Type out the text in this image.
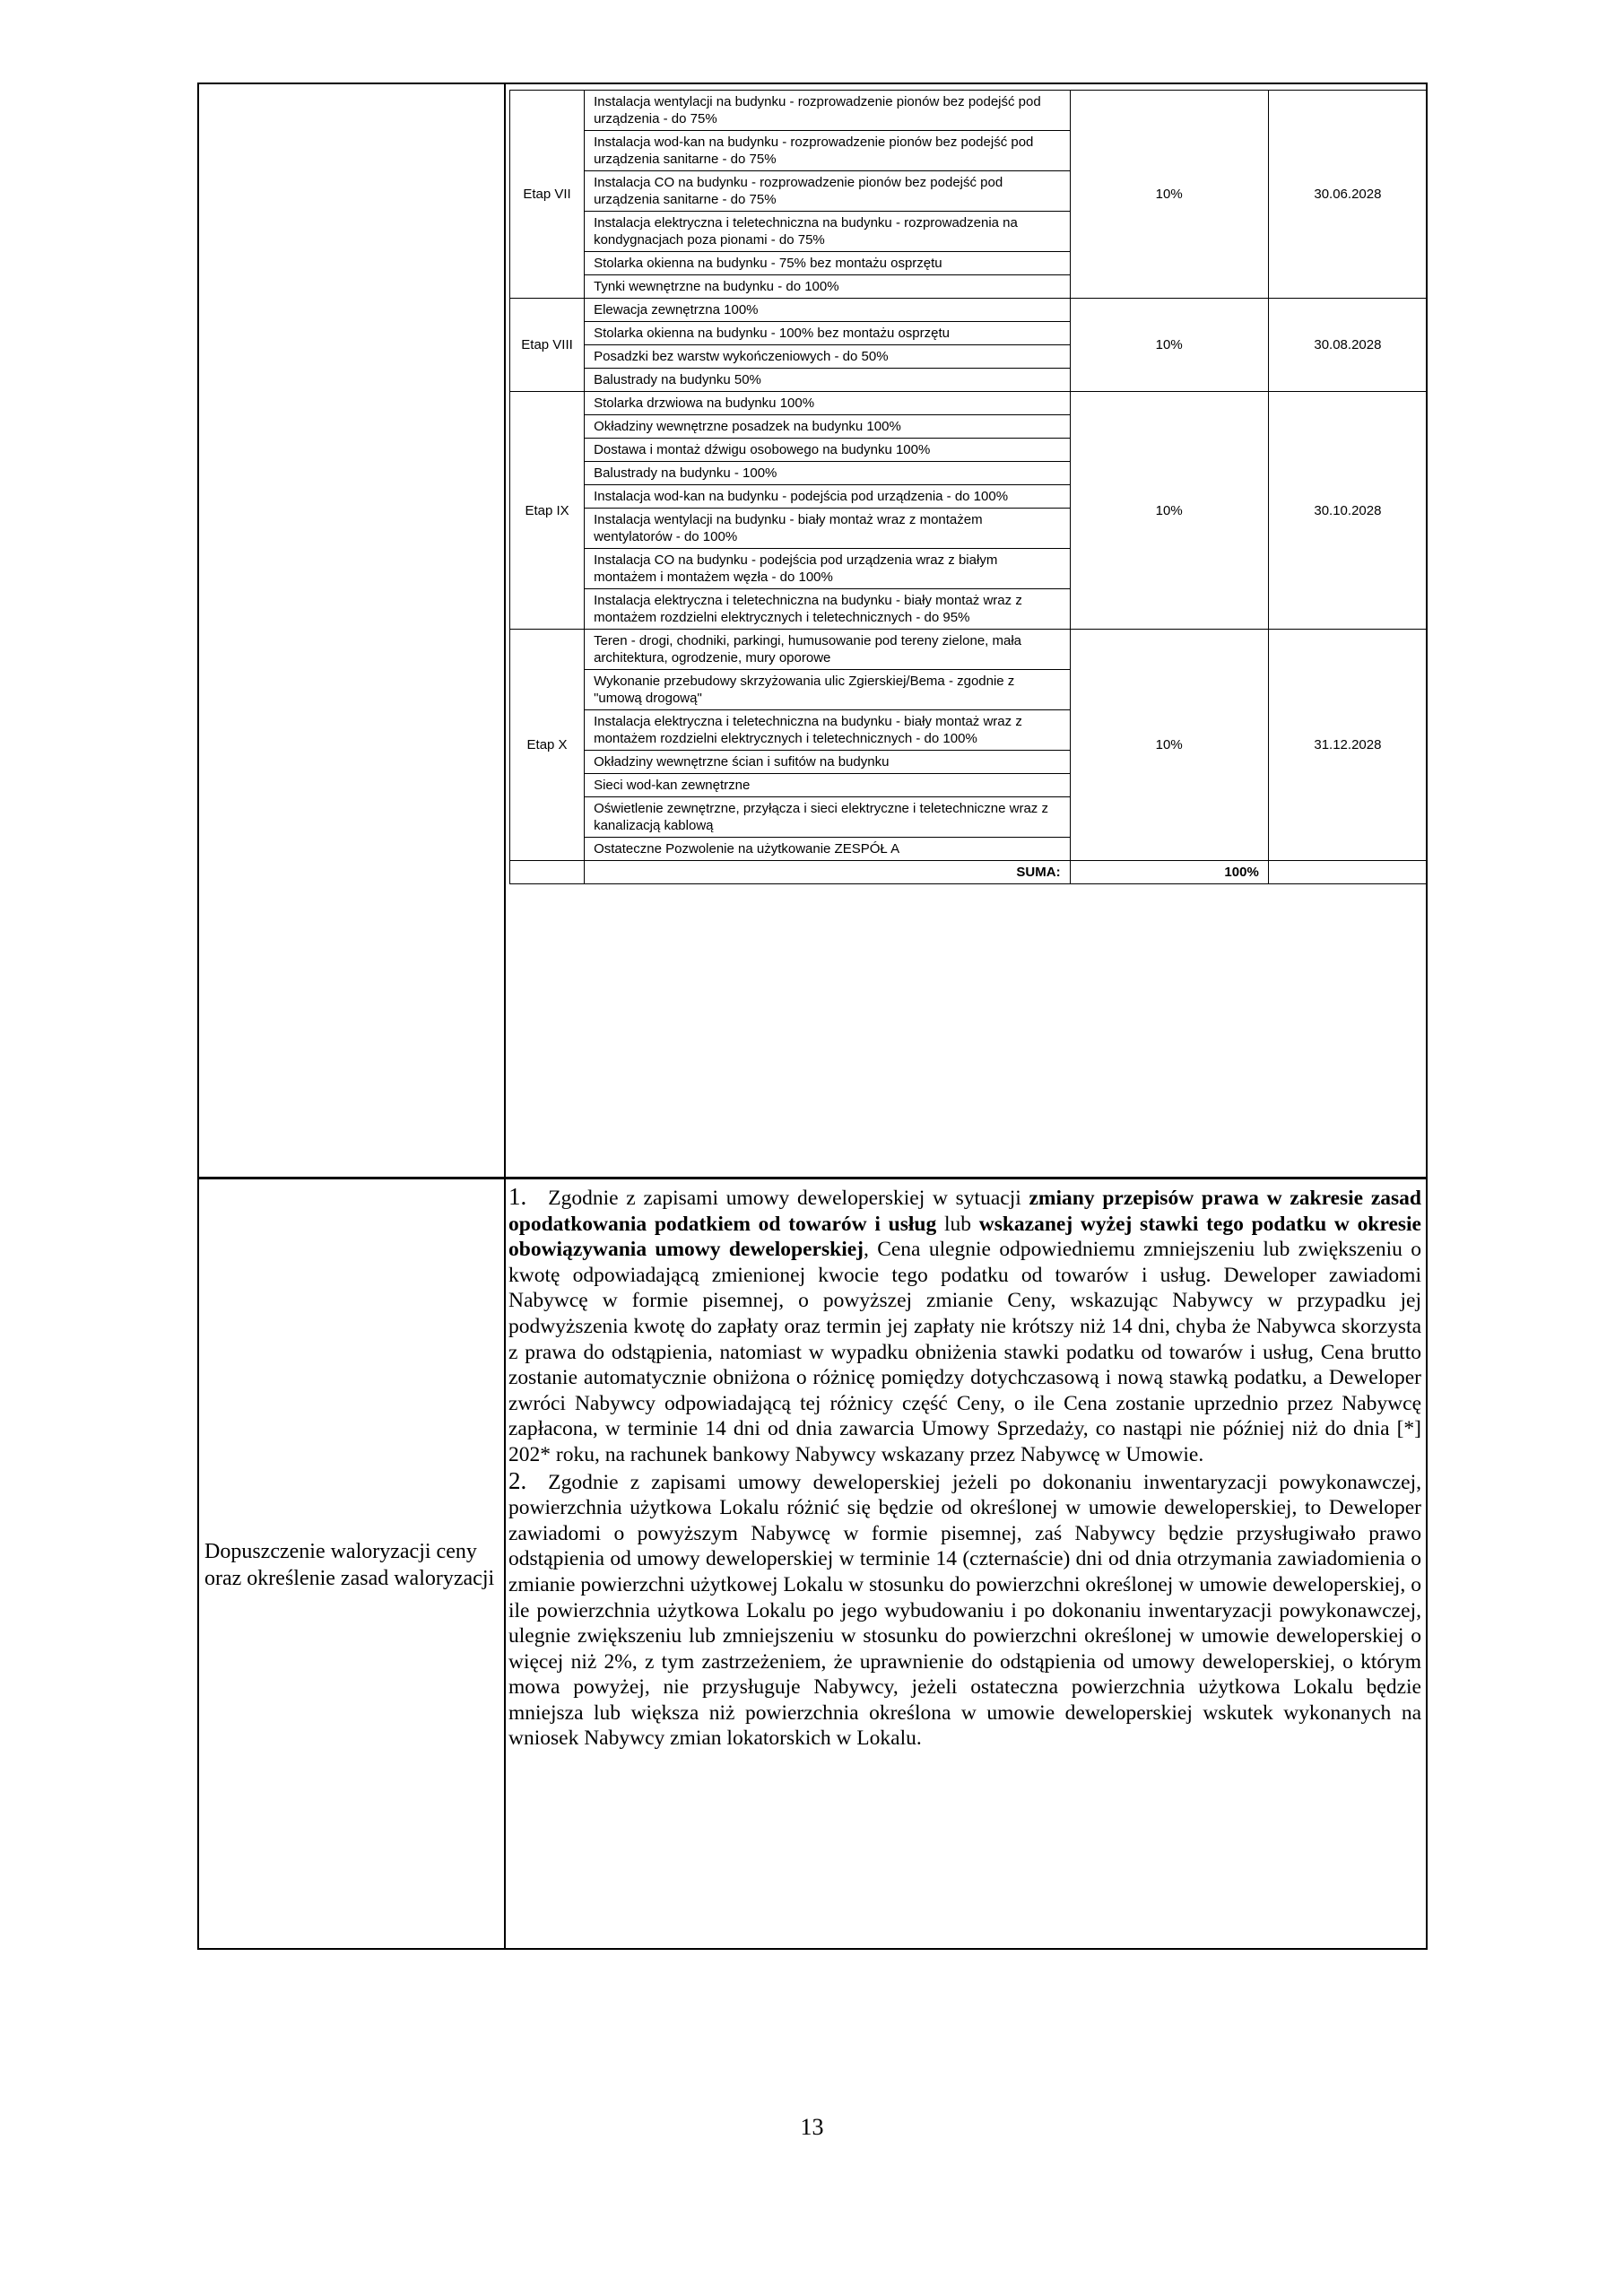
Etap VII	Instalacja wentylacji na budynku - rozprowadzenie pionów bez podejść pod urządzenia - do 75%	10%	30.06.2028
	Instalacja wod-kan na budynku - rozprowadzenie pionów bez podejść pod urządzenia sanitarne - do 75%		
	Instalacja CO na budynku - rozprowadzenie pionów bez podejść pod urządzenia sanitarne - do 75%		
	Instalacja elektryczna i teletechniczna na budynku - rozprowadzenia na kondygnacjach poza pionami - do 75%		
	Stolarka okienna na budynku - 75% bez montażu osprzętu		
	Tynki wewnętrzne na budynku - do 100%		
Etap VIII	Elewacja zewnętrzna 100%	10%	30.08.2028
	Stolarka okienna na budynku - 100% bez montażu osprzętu		
	Posadzki bez warstw wykończeniowych - do 50%		
	Balustrady na budynku 50%		
Etap IX	Stolarka drzwiowa na budynku 100%	10%	30.10.2028
	Okładziny wewnętrzne posadzek na budynku 100%		
	Dostawa i montaż dźwigu osobowego na budynku 100%		
	Balustrady na budynku - 100%		
	Instalacja wod-kan na budynku - podejścia pod urządzenia - do 100%		
	Instalacja wentylacji na budynku - biały montaż wraz z montażem wentylatorów - do 100%		
	Instalacja CO na budynku - podejścia pod urządzenia wraz z białym montażem i montażem węzła - do 100%		
	Instalacja elektryczna i teletechniczna na budynku - biały montaż wraz z montażem rozdzielni elektrycznych i teletechnicznych - do 95%		
Etap X	Teren - drogi, chodniki, parkingi, humusowanie pod tereny zielone, mała architektura, ogrodzenie, mury oporowe	10%	31.12.2028
	Wykonanie przebudowy skrzyżowania ulic Zgierskiej/Bema - zgodnie z "umową drogową"		
	Instalacja elektryczna i teletechniczna na budynku - biały montaż wraz z montażem rozdzielni elektrycznych i teletechnicznych - do 100%		
	Okładziny wewnętrzne ścian i sufitów na budynku		
	Sieci wod-kan zewnętrzne		
	Oświetlenie zewnętrzne, przyłącza i sieci elektryczne i teletechniczne wraz z kanalizacją kablową		
	Ostateczne Pozwolenie na użytkowanie ZESPÓŁ A		
	SUMA:	100%	

Dopuszczenie waloryzacji ceny oraz określenie zasad waloryzacji

1. Zgodnie z zapisami umowy deweloperskiej w sytuacji zmiany przepisów prawa w zakresie zasad opodatkowania podatkiem od towarów i usług lub wskazanej wyżej stawki tego podatku w okresie obowiązywania umowy deweloperskiej, Cena ulegnie odpowiedniemu zmniejszeniu lub zwiększeniu o kwotę odpowiadającą zmienionej kwocie tego podatku od towarów i usług. Deweloper zawiadomi Nabywcę w formie pisemnej, o powyższej zmianie Ceny, wskazując Nabywcy w przypadku jej podwyższenia kwotę do zapłaty oraz termin jej zapłaty nie krótszy niż 14 dni, chyba że Nabywca skorzysta z prawa do odstąpienia, natomiast w wypadku obniżenia stawki podatku od towarów i usług, Cena brutto zostanie automatycznie obniżona o różnicę pomiędzy dotychczasową i nową stawką podatku, a Deweloper zwróci Nabywcy odpowiadającą tej różnicy część Ceny, o ile Cena zostanie uprzednio przez Nabywcę zapłacona, w terminie 14 dni od dnia zawarcia Umowy Sprzedaży, co nastąpi nie później niż do dnia [*] 202* roku, na rachunek bankowy Nabywcy wskazany przez Nabywcę w Umowie.

2. Zgodnie z zapisami umowy deweloperskiej jeżeli po dokonaniu inwentaryzacji powykonawczej, powierzchnia użytkowa Lokalu różnić się będzie od określonej w umowie deweloperskiej, to Deweloper zawiadomi o powyższym Nabywcę w formie pisemnej, zaś Nabywcy będzie przysługiwało prawo odstąpienia od umowy deweloperskiej w terminie 14 (czternaście) dni od dnia otrzymania zawiadomienia o zmianie powierzchni użytkowej Lokalu w stosunku do powierzchni określonej w umowie deweloperskiej, o ile powierzchnia użytkowa Lokalu po jego wybudowaniu i po dokonaniu inwentaryzacji powykonawczej, ulegnie zwiększeniu lub zmniejszeniu w stosunku do powierzchni określonej w umowie deweloperskiej o więcej niż 2%, z tym zastrzeżeniem, że uprawnienie do odstąpienia od umowy deweloperskiej, o którym mowa powyżej, nie przysługuje Nabywcy, jeżeli ostateczna powierzchnia użytkowa Lokalu będzie mniejsza lub większa niż powierzchnia określona w umowie deweloperskiej wskutek wykonanych na wniosek Nabywcy zmian lokatorskich w Lokalu.

13
